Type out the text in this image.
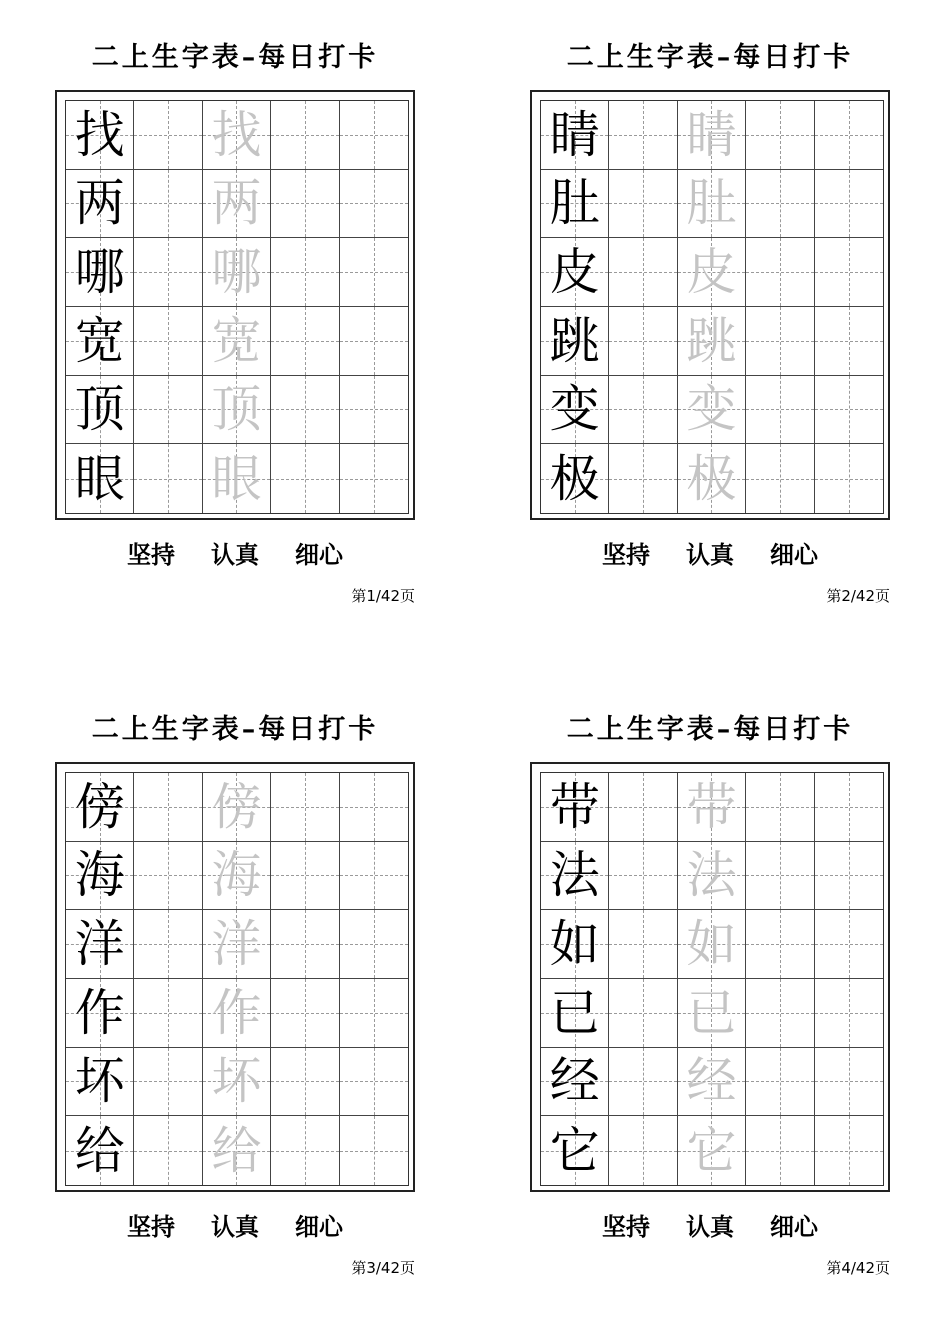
二上生字表–每日打卡
找 找
两 两
哪 哪
宽 宽
顶 顶
眼 眼
坚持 认真 细心
第1/42页
二上生字表–每日打卡
睛 睛
肚 肚
皮 皮
跳 跳
变 变
极 极
坚持 认真 细心
第2/42页
二上生字表–每日打卡
傍 傍
海 海
洋 洋
作 作
坏 坏
给 给
坚持 认真 细心
第3/42页
二上生字表–每日打卡
带 带
法 法
如 如
已 已
经 经
它 它
坚持 认真 细心
第4/42页
